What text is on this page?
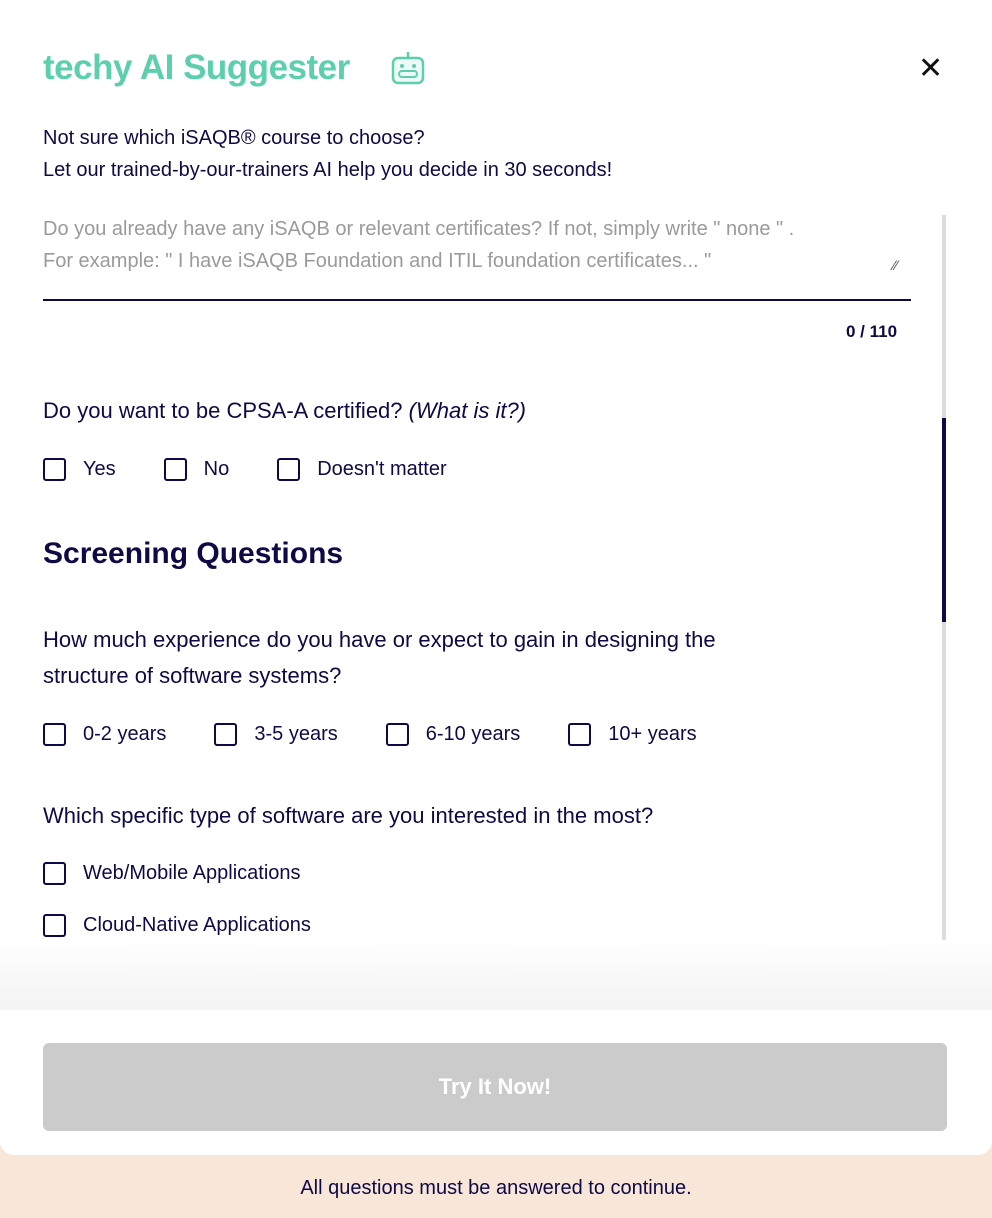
techy AI Suggester	✕
Not sure which iSAQB® course to choose?
Let our trained-by-our-trainers AI help you decide in 30 seconds!
Do you already have any iSAQB or relevant certificates? If not, simply write " none " .
For example: " I have iSAQB Foundation and ITIL foundation certificates... "	⁄⁄
0 / 110
Do you want to be CPSA-A certified? (What is it?)
Yes	No	Doesn't matter
Screening Questions
How much experience do you have or expect to gain in designing the
structure of software systems?
0-2 years	3-5 years	6-10 years	10+ years
Which specific type of software are you interested in the most?
Web/Mobile Applications
Cloud-Native Applications
Try It Now!
All questions must be answered to continue.
